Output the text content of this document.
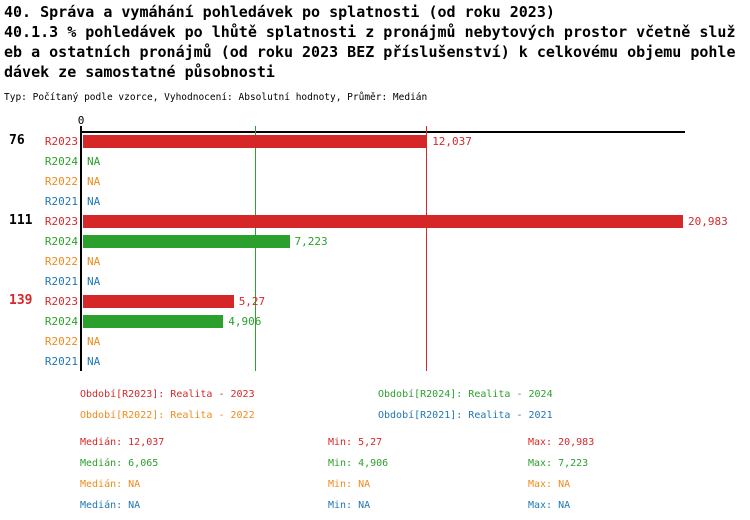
40. Správa a vymáhání pohledávek po splatnosti (od roku 2023)
40.1.3 % pohledávek po lhůtě splatnosti z pronájmů nebytových prostor včetně služ
eb a ostatních pronájmů (od roku 2023 BEZ příslušenství) k celkovému objemu pohle
dávek ze samostatné působnosti
Typ: Počítaný podle vzorce, Vyhodnocení: Absolutní hodnoty, Průměr: Medián
0
76	R2023	12,037
R2024 NA
R2022 NA
R2021 NA
111	R2023	20,983
R2024	7,223
R2022 NA
R2021 NA
139	R2023	5,27
R2024	4,906
R2022 NA
R2021 NA
Období[R2023]: Realita - 2023	Období[R2024]: Realita - 2024
Období[R2022]: Realita - 2022	Období[R2021]: Realita - 2021
Medián: 12,037	Min: 5,27	Max: 20,983
Medián: 6,065	Min: 4,906	Max: 7,223
Medián: NA	Min: NA	Max: NA
Medián: NA	Min: NA	Max: NA
